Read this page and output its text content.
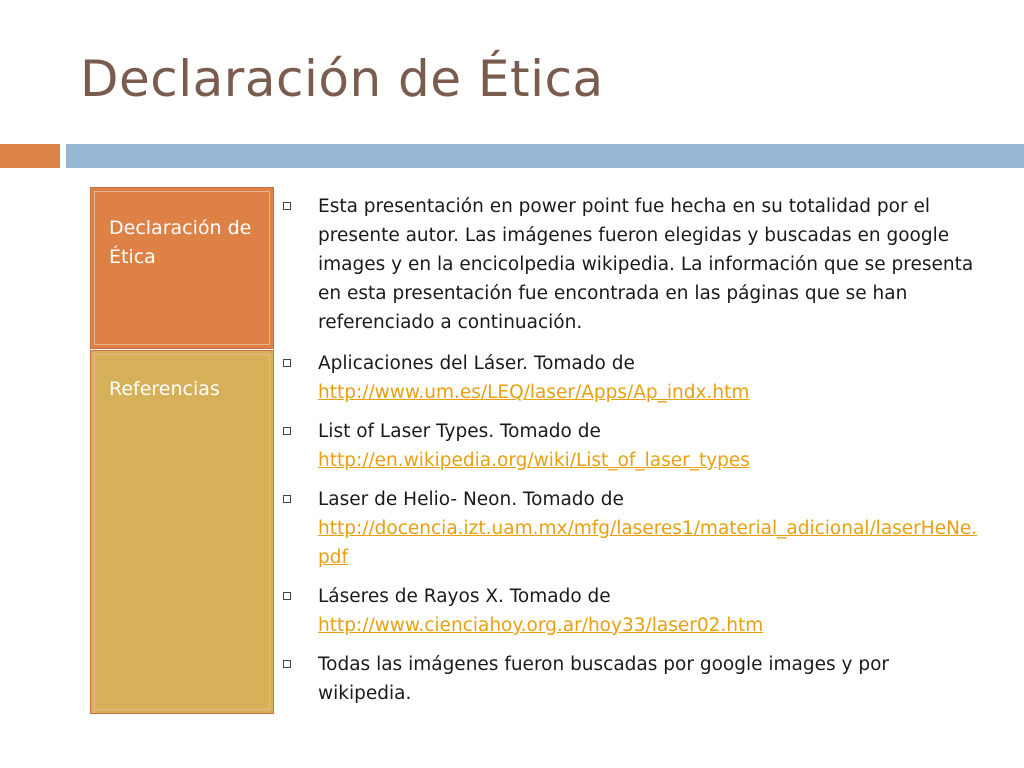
Declaración de Ética
Declaración de Ética
Referencias
Esta presentación en power point fue hecha en su totalidad por el presente autor. Las imágenes fueron elegidas y buscadas en google images y en la encicolpedia wikipedia. La información que se presenta en esta presentación fue encontrada en las páginas que se han referenciado a continuación.
Aplicaciones del Láser. Tomado de
http://www.um.es/LEQ/laser/Apps/Ap_indx.htm
List of Laser Types. Tomado de
http://en.wikipedia.org/wiki/List_of_laser_types
Laser de Helio- Neon. Tomado de
http://docencia.izt.uam.mx/mfg/laseres1/material_adicional/laserHeNe.pdf
Láseres de Rayos X. Tomado de
http://www.cienciahoy.org.ar/hoy33/laser02.htm
Todas las imágenes fueron buscadas por google images y por wikipedia.
